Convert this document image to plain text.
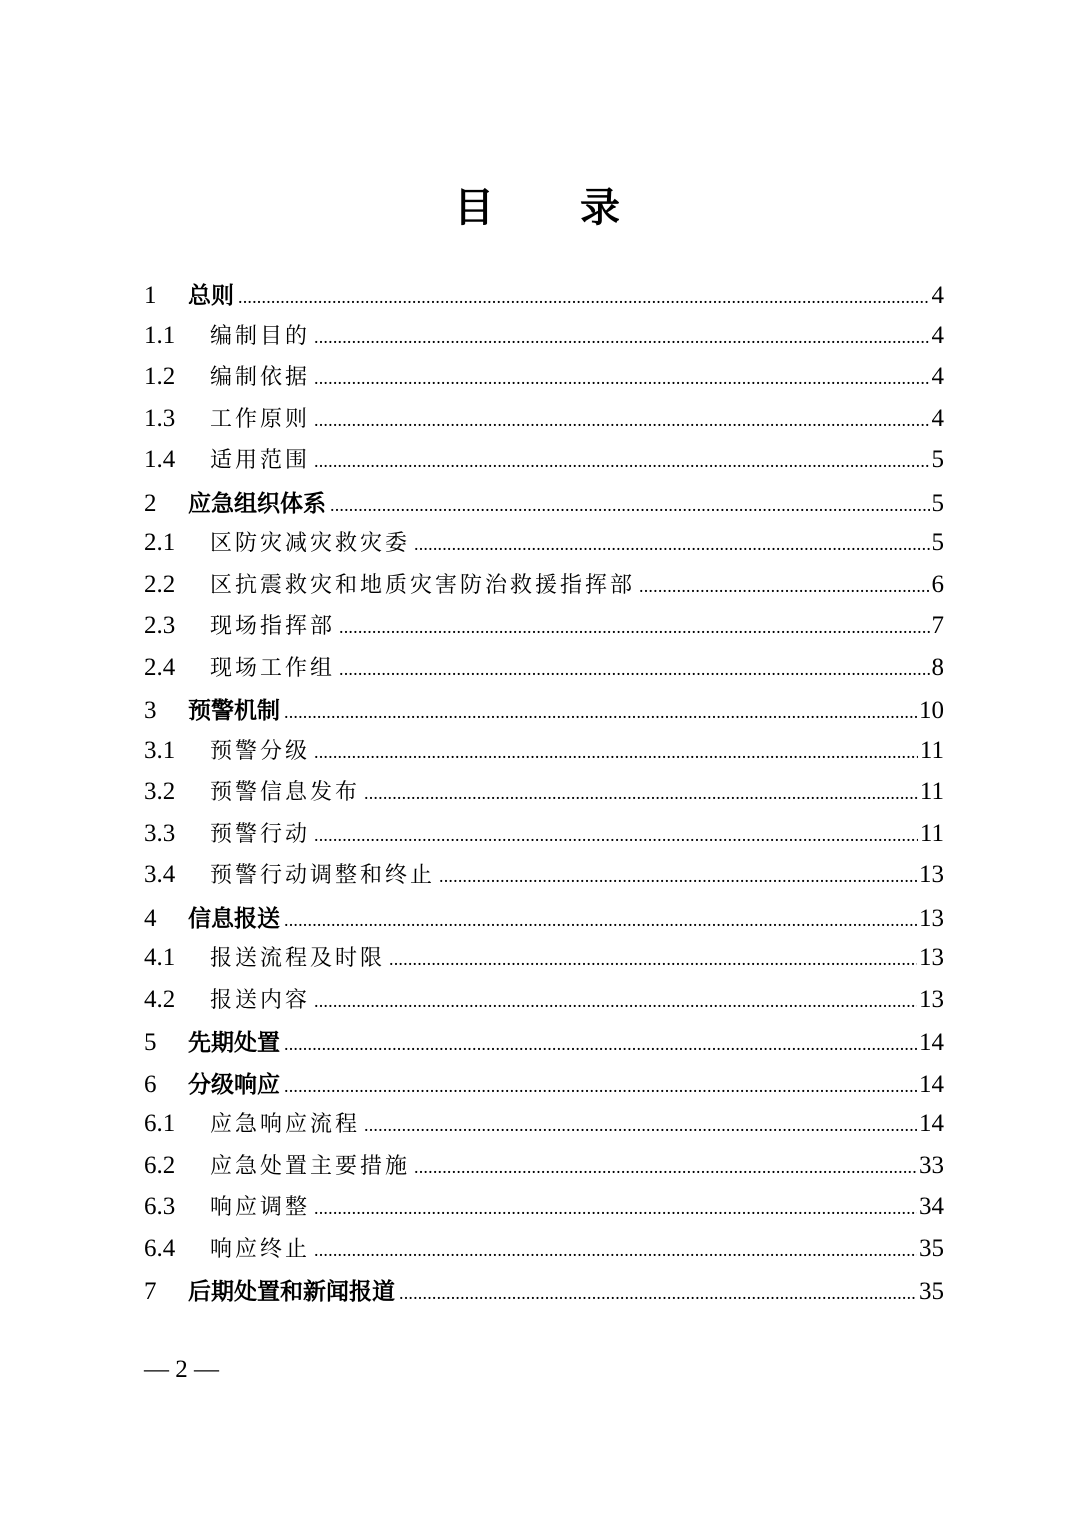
目 录
1	总则 .....	4
1.1	编制目的 .....	4
1.2	编制依据 .....	4
1.3	工作原则 .....	4
1.4	适用范围 .....	5
2	应急组织体系 .....	5
2.1	区防灾减灾救灾委 .....	5
2.2	区抗震救灾和地质灾害防治救援指挥部 .....	6
2.3	现场指挥部 .....	7
2.4	现场工作组 .....	8
3	预警机制 .....	10
3.1	预警分级 .....	11
3.2	预警信息发布 .....	11
3.3	预警行动 .....	11
3.4	预警行动调整和终止 .....	13
4	信息报送 .....	13
4.1	报送流程及时限 .....	13
4.2	报送内容 .....	13
5	先期处置 .....	14
6	分级响应 .....	14
6.1	应急响应流程 .....	14
6.2	应急处置主要措施 .....	33
6.3	响应调整 .....	34
6.4	响应终止 .....	35
7	后期处置和新闻报道 .....	35
— 2 —
